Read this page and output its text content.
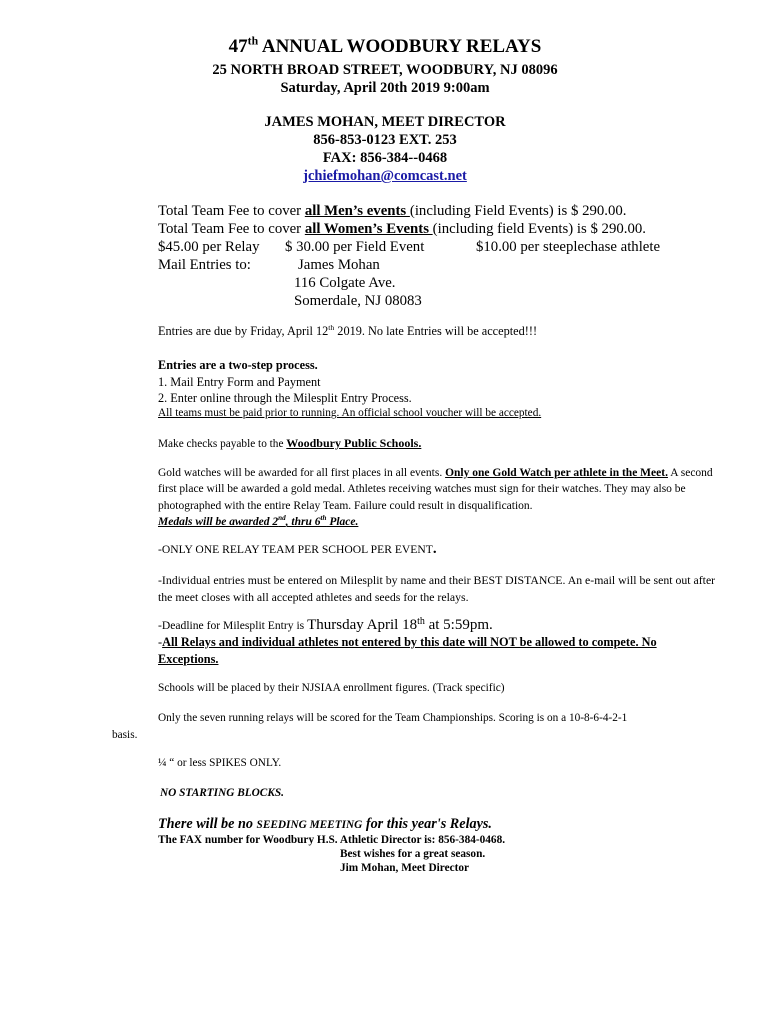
47th ANNUAL WOODBURY RELAYS
25 NORTH BROAD STREET, WOODBURY, NJ 08096
Saturday, April 20th 2019 9:00am
JAMES MOHAN, MEET DIRECTOR
856-853-0123 EXT. 253
FAX: 856-384--0468
jchiefmohan@comcast.net
Total Team Fee to cover all Men’s events (including Field Events) is $ 290.00.
Total Team Fee to cover all Women’s Events (including field Events) is $ 290.00.
$45.00 per Relay $ 30.00 per Field Event	$10.00 per steeplechase athlete
Mail Entries to:	James Mohan
116 Colgate Ave.
Somerdale, NJ 08083
Entries are due by Friday, April 12th 2019. No late Entries will be accepted!!!
Entries are a two-step process.
1. Mail Entry Form and Payment
2. Enter online through the Milesplit Entry Process.
All teams must be paid prior to running. An official school voucher will be accepted.
Make checks payable to the Woodbury Public Schools.
Gold watches will be awarded for all first places in all events. Only one Gold Watch per athlete in the Meet. A second first place will be awarded a gold medal. Athletes receiving watches must sign for their watches. They may also be photographed with the entire Relay Team. Failure could result in disqualification.
Medals will be awarded 2nd, thru 6th Place.
-ONLY ONE RELAY TEAM PER SCHOOL PER EVENT.
-Individual entries must be entered on Milesplit by name and their BEST DISTANCE. An e-mail will be sent out after the meet closes with all accepted athletes and seeds for the relays.
-Deadline for Milesplit Entry is Thursday April 18th at 5:59pm.
-All Relays and individual athletes not entered by this date will NOT be allowed to compete. No Exceptions.
Schools will be placed by their NJSIAA enrollment figures. (Track specific)
Only the seven running relays will be scored for the Team Championships. Scoring is on a 10-8-6-4-2-1
basis.
¼ “ or less SPIKES ONLY.
NO STARTING BLOCKS.
There will be no SEEDING MEETING for this year's Relays.
The FAX number for Woodbury H.S. Athletic Director is: 856-384-0468.
Best wishes for a great season.
Jim Mohan, Meet Director
